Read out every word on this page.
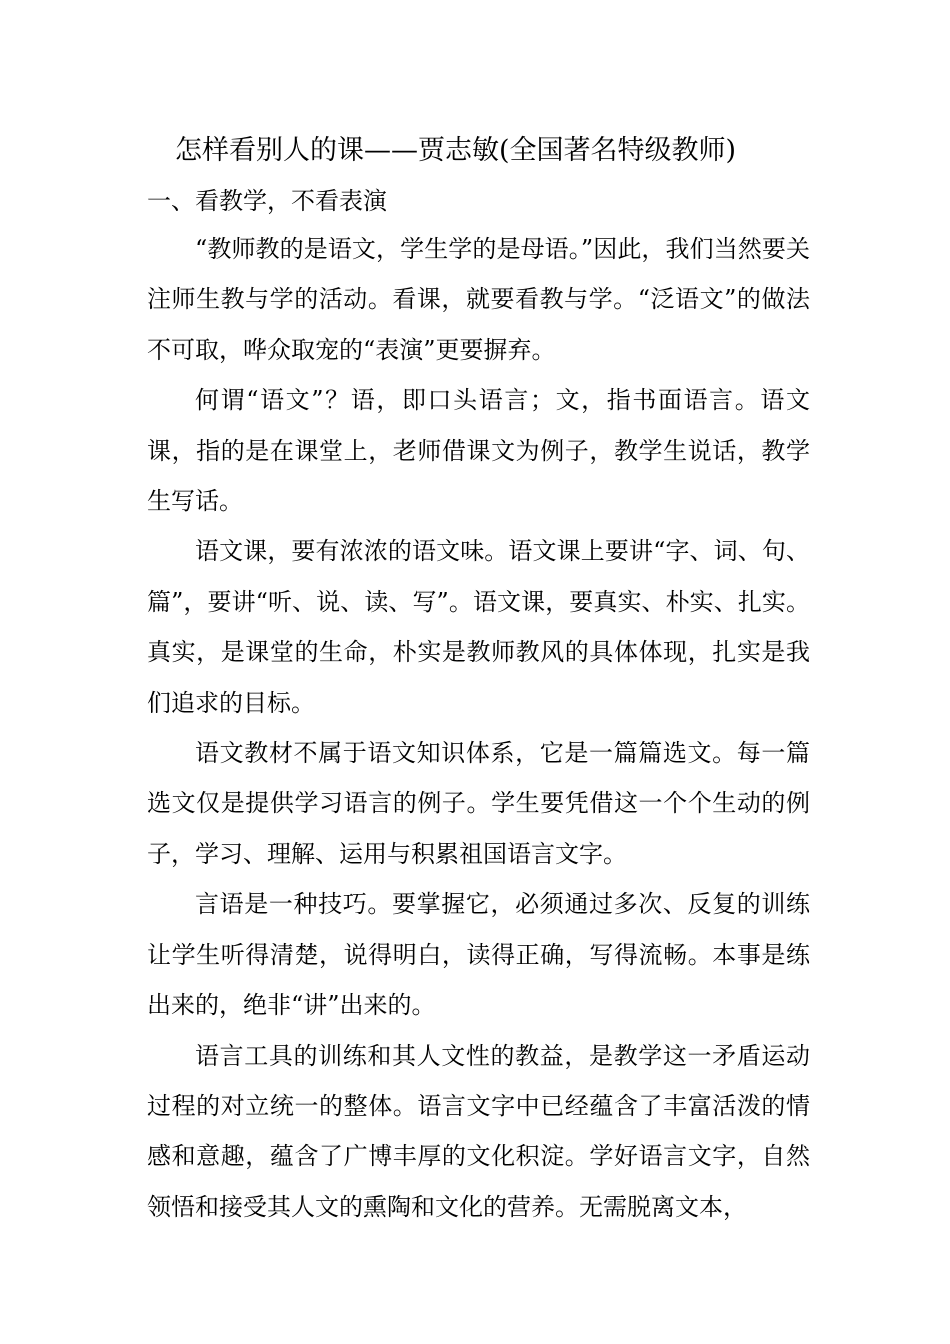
怎样看别人的课——贾志敏(全国著名特级教师)
一、看教学，不看表演

“教师教的是语文，学生学的是母语。”因此，我们当然要关注师生教与学的活动。看课，就要看教与学。“泛语文”的做法不可取，哗众取宠的“表演”更要摒弃。

何谓“语文”？语，即口头语言；文，指书面语言。语文课，指的是在课堂上，老师借课文为例子，教学生说话，教学生写话。

语文课，要有浓浓的语文味。语文课上要讲“字、词、句、篇”，要讲“听、说、读、写”。语文课，要真实、朴实、扎实。真实，是课堂的生命，朴实是教师教风的具体体现，扎实是我们追求的目标。

语文教材不属于语文知识体系，它是一篇篇选文。每一篇选文仅是提供学习语言的例子。学生要凭借这一个个生动的例子，学习、理解、运用与积累祖国语言文字。

言语是一种技巧。要掌握它，必须通过多次、反复的训练让学生听得清楚，说得明白，读得正确，写得流畅。本事是练出来的，绝非“讲”出来的。

语言工具的训练和其人文性的教益，是教学这一矛盾运动过程的对立统一的整体。语言文字中已经蕴含了丰富活泼的情感和意趣，蕴含了广博丰厚的文化积淀。学好语言文字，自然领悟和接受其人文的熏陶和文化的营养。无需脱离文本，
